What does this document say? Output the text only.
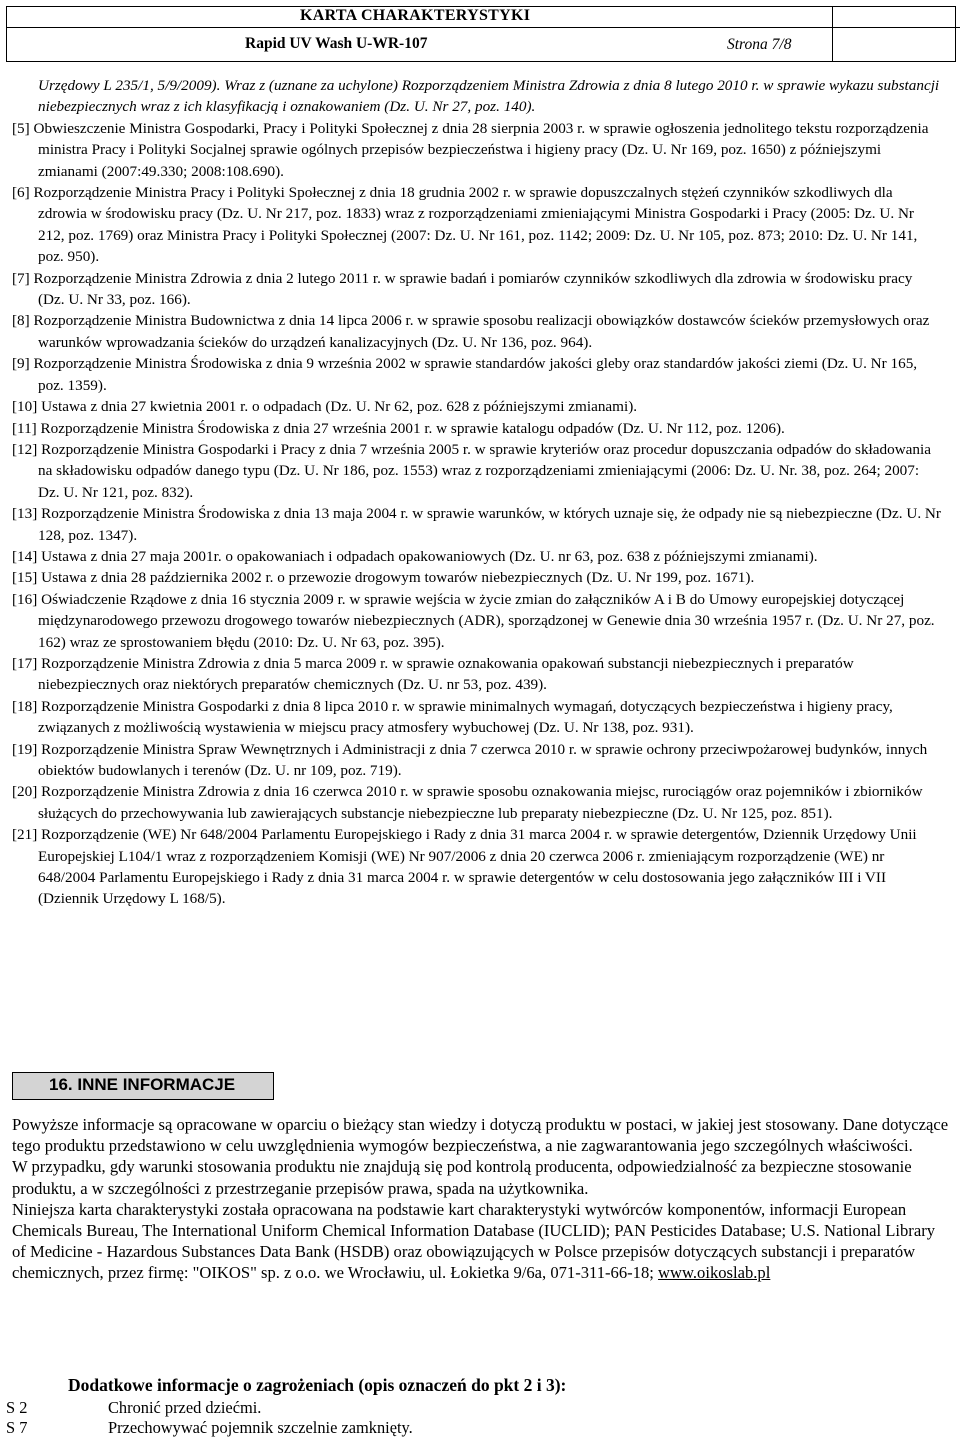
KARTA CHARAKTERYSTYKI
Rapid UV Wash U-WR-107	Strona 7/8

Urzędowy L 235/1, 5/9/2009). Wraz z (uznane za uchylone) Rozporządzeniem Ministra Zdrowia z dnia 8 lutego 2010 r. w sprawie wykazu substancji niebezpiecznych wraz z ich klasyfikacją i oznakowaniem (Dz. U. Nr 27, poz. 140).

[5] Obwieszczenie Ministra Gospodarki, Pracy i Polityki Społecznej z dnia 28 sierpnia 2003 r. w sprawie ogłoszenia jednolitego tekstu rozporządzenia ministra Pracy i Polityki Socjalnej sprawie ogólnych przepisów bezpieczeństwa i higieny pracy (Dz. U. Nr 169, poz. 1650) z późniejszymi zmianami (2007:49.330; 2008:108.690).

[6] Rozporządzenie Ministra Pracy i Polityki Społecznej z dnia 18 grudnia 2002 r. w sprawie dopuszczalnych stężeń czynników szkodliwych dla zdrowia w środowisku pracy (Dz. U. Nr 217, poz. 1833) wraz z rozporządzeniami zmieniającymi Ministra Gospodarki i Pracy (2005: Dz. U. Nr 212, poz. 1769) oraz Ministra Pracy i Polityki Społecznej (2007: Dz. U. Nr 161, poz. 1142; 2009: Dz. U. Nr 105, poz. 873; 2010: Dz. U. Nr 141, poz. 950).

[7] Rozporządzenie Ministra Zdrowia z dnia 2 lutego 2011 r. w sprawie badań i pomiarów czynników szkodliwych dla zdrowia w środowisku pracy (Dz. U. Nr 33, poz. 166).

[8] Rozporządzenie Ministra Budownictwa z dnia 14 lipca 2006 r. w sprawie sposobu realizacji obowiązków dostawców ścieków przemysłowych oraz warunków wprowadzania ścieków do urządzeń kanalizacyjnych (Dz. U. Nr 136, poz. 964).

[9] Rozporządzenie Ministra Środowiska z dnia 9 września 2002 w sprawie standardów jakości gleby oraz standardów jakości ziemi (Dz. U. Nr 165, poz. 1359).

[10] Ustawa z dnia 27 kwietnia 2001 r. o odpadach (Dz. U. Nr 62, poz. 628 z późniejszymi zmianami).

[11] Rozporządzenie Ministra Środowiska z dnia 27 września 2001 r. w sprawie katalogu odpadów (Dz. U. Nr 112, poz. 1206).

[12] Rozporządzenie Ministra Gospodarki i Pracy z dnia 7 września 2005 r. w sprawie kryteriów oraz procedur dopuszczania odpadów do składowania na składowisku odpadów danego typu (Dz. U. Nr 186, poz. 1553) wraz z rozporządzeniami zmieniającymi (2006: Dz. U. Nr. 38, poz. 264; 2007: Dz. U. Nr 121, poz. 832).

[13] Rozporządzenie Ministra Środowiska z dnia 13 maja 2004 r. w sprawie warunków, w których uznaje się, że odpady nie są niebezpieczne (Dz. U. Nr 128, poz. 1347).

[14] Ustawa z dnia 27 maja 2001r. o opakowaniach i odpadach opakowaniowych (Dz. U. nr 63, poz. 638 z późniejszymi zmianami).

[15] Ustawa z dnia 28 października 2002 r. o przewozie drogowym towarów niebezpiecznych (Dz. U. Nr 199, poz. 1671).

[16] Oświadczenie Rządowe z dnia 16 stycznia 2009 r. w sprawie wejścia w życie zmian do załączników A i B do Umowy europejskiej dotyczącej międzynarodowego przewozu drogowego towarów niebezpiecznych (ADR), sporządzonej w Genewie dnia 30 września 1957 r. (Dz. U. Nr 27, poz. 162) wraz ze sprostowaniem błędu (2010: Dz. U. Nr 63, poz. 395).

[17] Rozporządzenie Ministra Zdrowia z dnia 5 marca 2009 r. w sprawie oznakowania opakowań substancji niebezpiecznych i preparatów niebezpiecznych oraz niektórych preparatów chemicznych (Dz. U. nr 53, poz. 439).

[18] Rozporządzenie Ministra Gospodarki z dnia 8 lipca 2010 r. w sprawie minimalnych wymagań, dotyczących bezpieczeństwa i higieny pracy, związanych z możliwością wystawienia w miejscu pracy atmosfery wybuchowej (Dz. U. Nr 138, poz. 931).

[19] Rozporządzenie Ministra Spraw Wewnętrznych i Administracji z dnia 7 czerwca 2010 r. w sprawie ochrony przeciwpożarowej budynków, innych obiektów budowlanych i terenów (Dz. U. nr 109, poz. 719).

[20] Rozporządzenie Ministra Zdrowia z dnia 16 czerwca 2010 r. w sprawie sposobu oznakowania miejsc, rurociągów oraz pojemników i zbiorników służących do przechowywania lub zawierających substancje niebezpieczne lub preparaty niebezpieczne (Dz. U. Nr 125, poz. 851).

[21] Rozporządzenie (WE) Nr 648/2004 Parlamentu Europejskiego i Rady z dnia 31 marca 2004 r. w sprawie detergentów, Dziennik Urzędowy Unii Europejskiej L104/1 wraz z rozporządzeniem Komisji (WE) Nr 907/2006 z dnia 20 czerwca 2006 r. zmieniającym rozporządzenie (WE) nr 648/2004 Parlamentu Europejskiego i Rady z dnia 31 marca 2004 r. w sprawie detergentów w celu dostosowania jego załączników III i VII (Dziennik Urzędowy L 168/5).

16. INNE INFORMACJE

Powyższe informacje są opracowane w oparciu o bieżący stan wiedzy i dotyczą produktu w postaci, w jakiej jest stosowany. Dane dotyczące tego produktu przedstawiono w celu uwzględnienia wymogów bezpieczeństwa, a nie zagwarantowania jego szczególnych właściwości.

W przypadku, gdy warunki stosowania produktu nie znajdują się pod kontrolą producenta, odpowiedzialność za bezpieczne stosowanie produktu, a w szczególności z przestrzeganie przepisów prawa, spada na użytkownika.

Niniejsza karta charakterystyki została opracowana na podstawie kart charakterystyki wytwórców komponentów, informacji European Chemicals Bureau, The International Uniform Chemical Information Database (IUCLID); PAN Pesticides Database; U.S. National Library of Medicine - Hazardous Substances Data Bank (HSDB) oraz obowiązujących w Polsce przepisów dotyczących substancji i preparatów chemicznych, przez firmę: "OIKOS" sp. z o.o. we Wrocławiu, ul. Łokietka 9/6a, 071-311-66-18; www.oikoslab.pl

Dodatkowe informacje o zagrożeniach (opis oznaczeń do pkt 2 i 3):
S 2	Chronić przed dziećmi.
S 7	Przechowywać pojemnik szczelnie zamknięty.
